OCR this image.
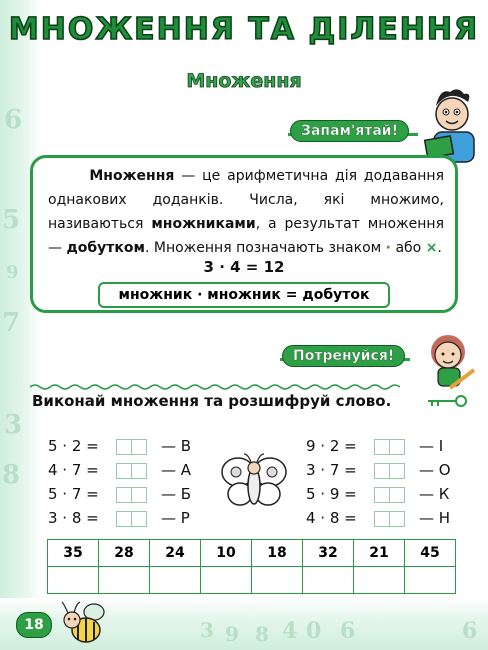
6
5
9
7
3
8
3 9 8 4 0 6	6
МНОЖЕННЯ ТА ДІЛЕННЯ
Множення
Запам'ятай!
Множення — це арифметична дія додавання однакових доданків. Числа, які множимо, називаються множниками, а результат множення — добутком. Множення позначають знаком · або ×.
3 · 4 = 12
множник · множник = добуток
Потренуйся!
Виконай множення та розшифруй слово.
5 · 2 =	— В
4 · 7 =	— А
5 · 7 =	— Б
3 · 8 =	— Р
9 · 2 =	— І
3 · 7 =	— О
5 · 9 =	— К
4 · 8 =	— Н
35	28	24	10	18	32	21	45

18
